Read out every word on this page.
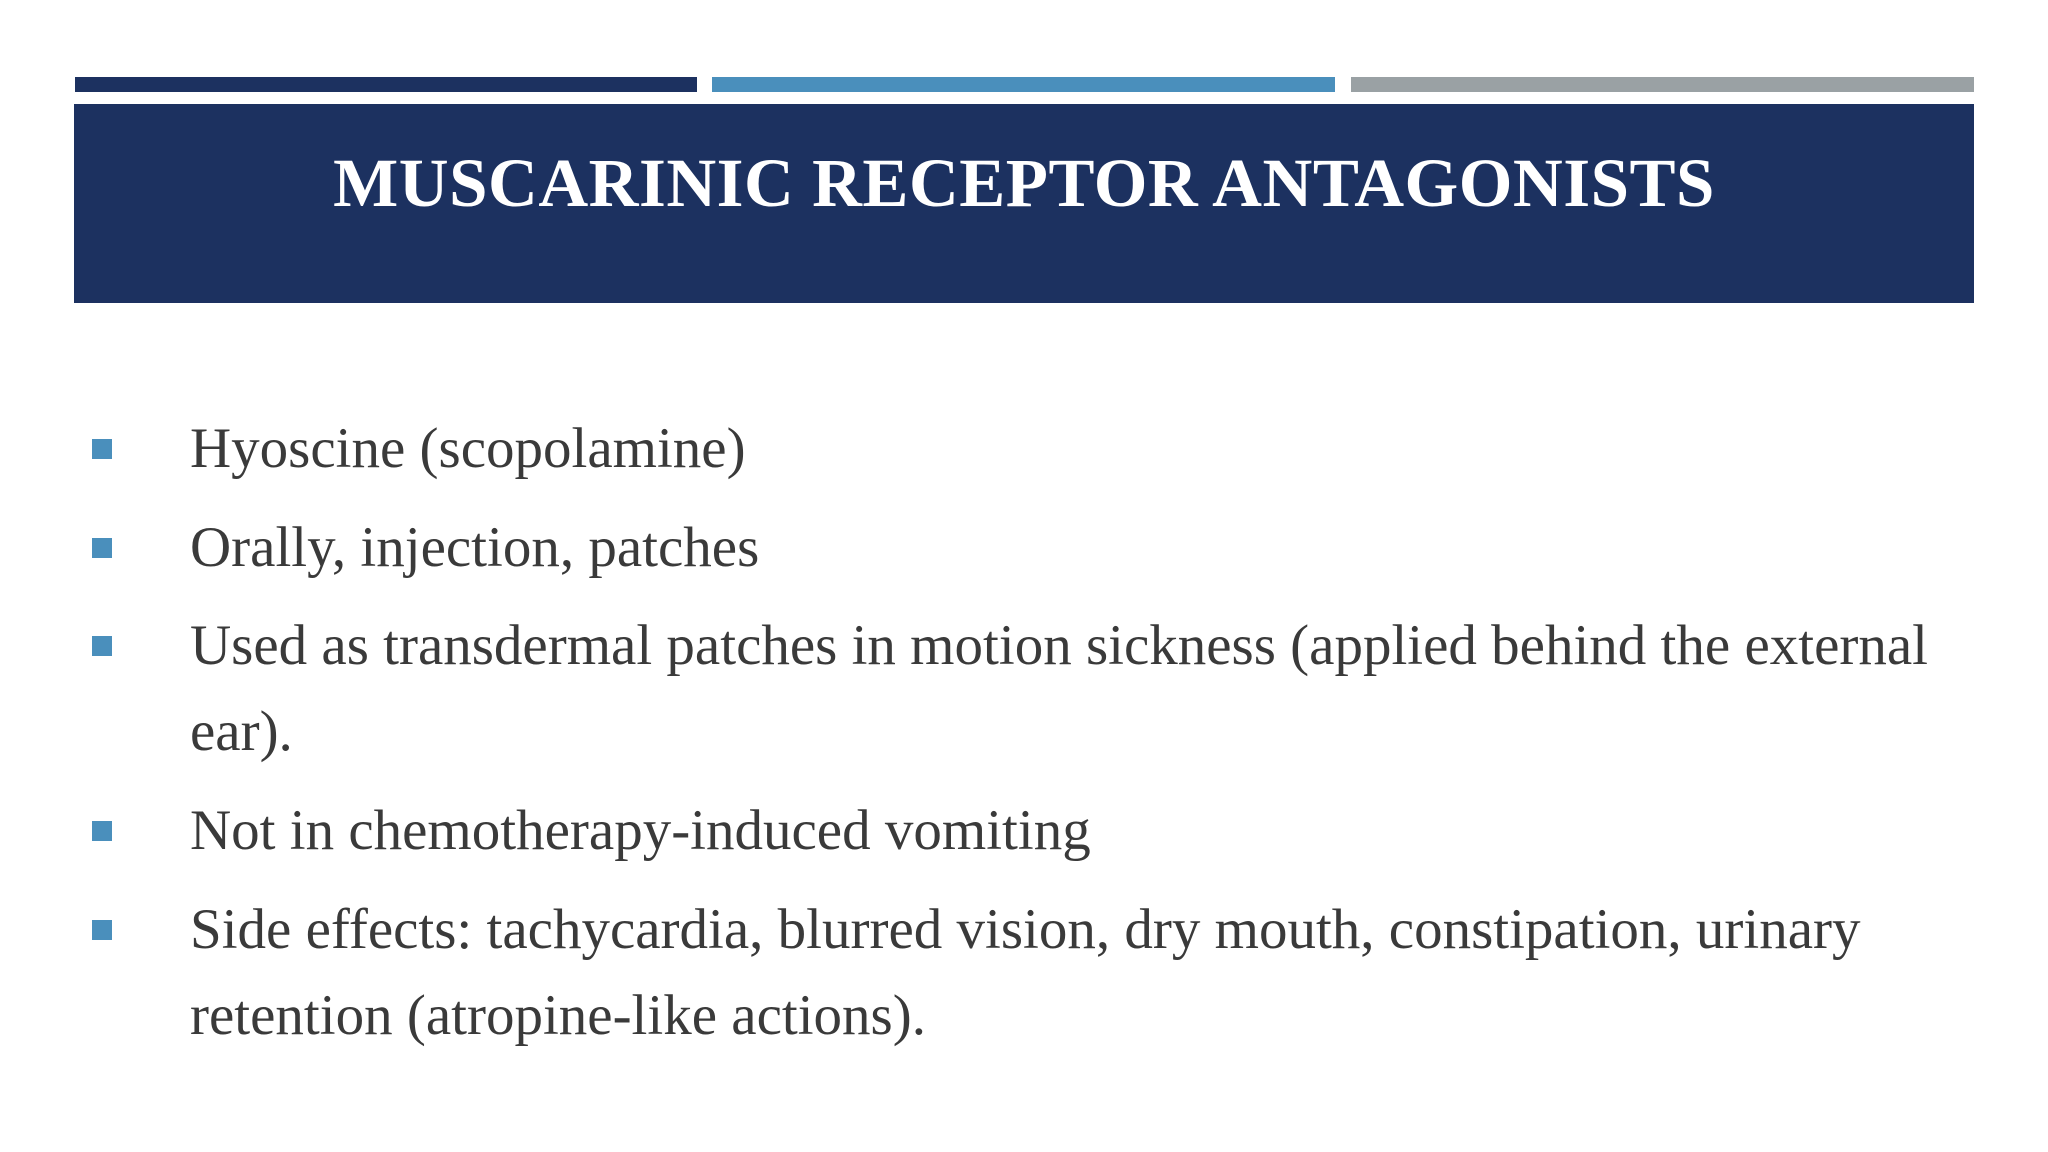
MUSCARINIC RECEPTOR ANTAGONISTS
Hyoscine (scopolamine)
Orally, injection, patches
Used as transdermal patches in motion sickness (applied behind the external ear).
Not in chemotherapy-induced vomiting
Side effects: tachycardia, blurred vision, dry mouth, constipation, urinary retention (atropine-like actions).
